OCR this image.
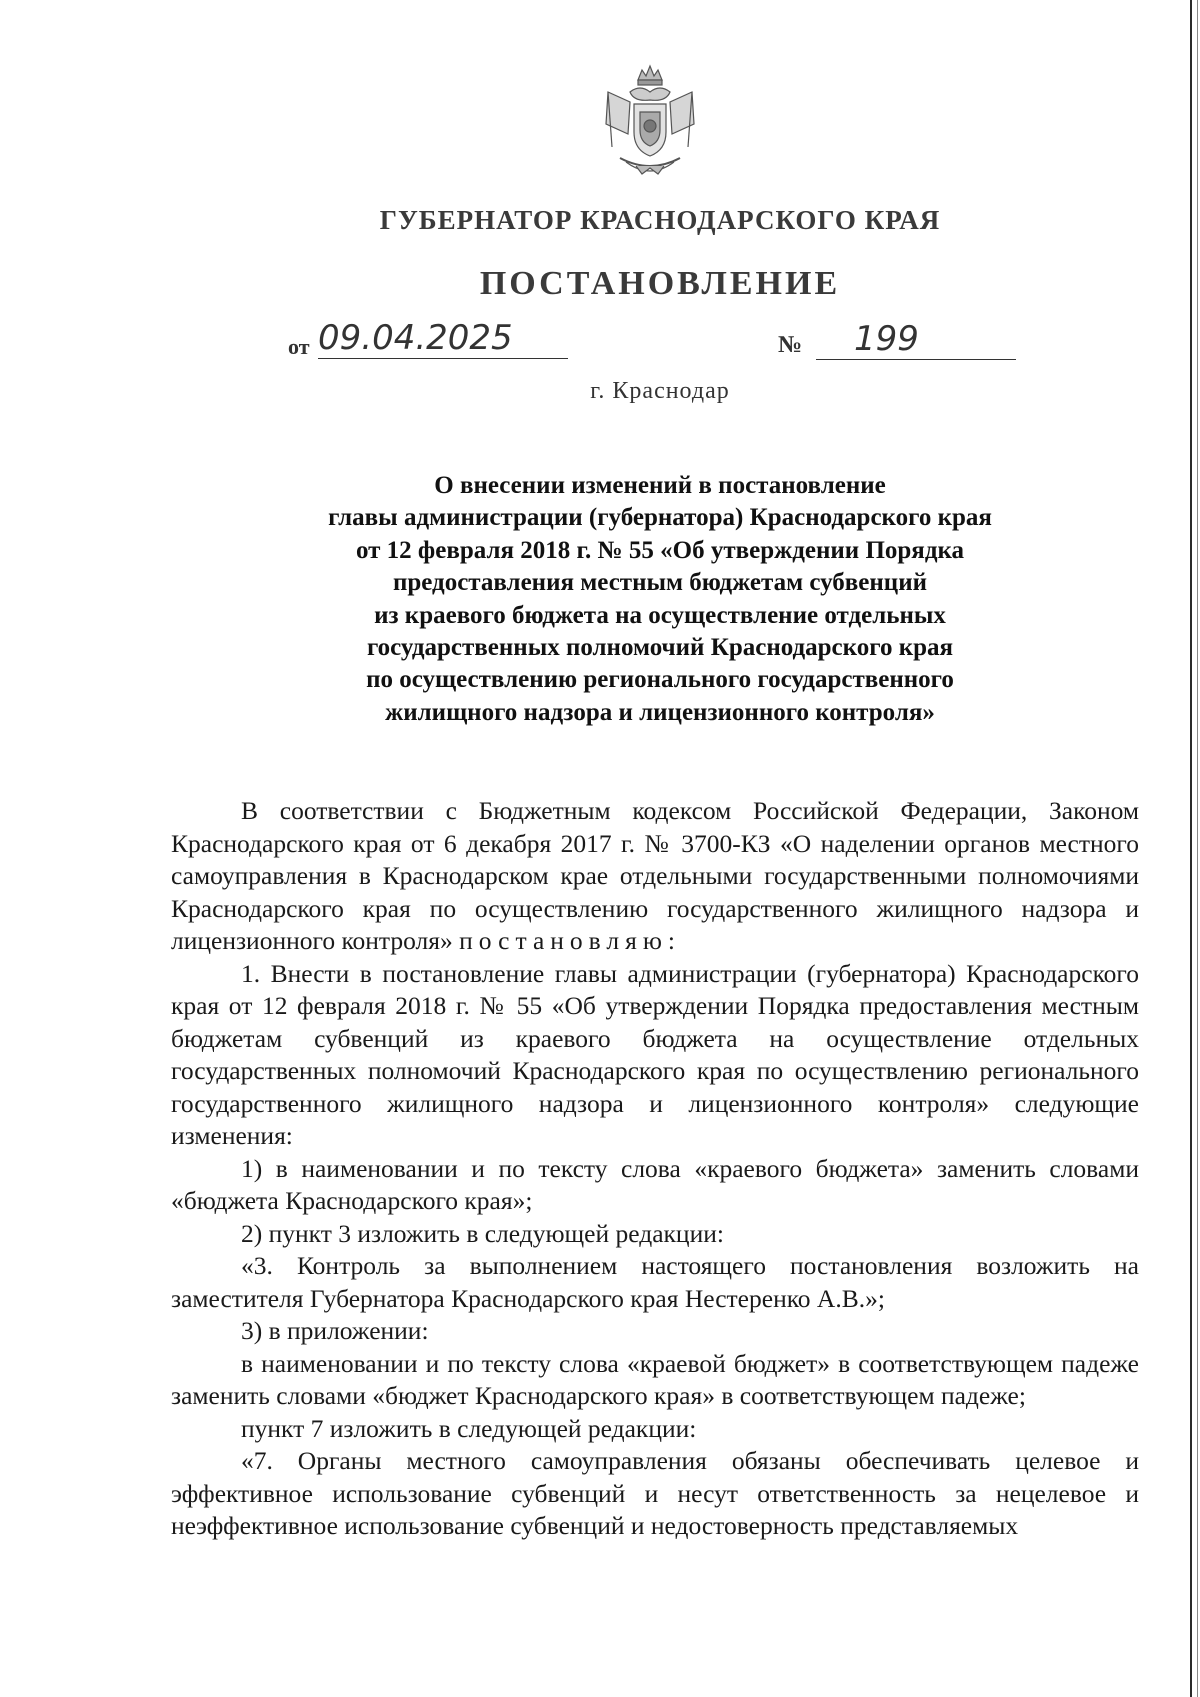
ГУБЕРНАТОР КРАСНОДАРСКОГО КРАЯ
ПОСТАНОВЛЕНИЕ
от 09.04.2025	№	199
г. Краснодар
О внесении изменений в постановление
главы администрации (губернатора) Краснодарского края
от 12 февраля 2018 г. № 55 «Об утверждении Порядка
предоставления местным бюджетам субвенций
из краевого бюджета на осуществление отдельных
государственных полномочий Краснодарского края
по осуществлению регионального государственного
жилищного надзора и лицензионного контроля»

В соответствии с Бюджетным кодексом Российской Федерации, Законом Краснодарского края от 6 декабря 2017 г. № 3700-КЗ «О наделении органов местного самоуправления в Краснодарском крае отдельными государственными полномочиями Краснодарского края по осуществлению государственного жилищного надзора и лицензионного контроля» постановляю:

1. Внести в постановление главы администрации (губернатора) Краснодарского края от 12 февраля 2018 г. № 55 «Об утверждении Порядка предоставления местным бюджетам субвенций из краевого бюджета на осуществление отдельных государственных полномочий Краснодарского края по осуществлению регионального государственного жилищного надзора и лицензионного контроля» следующие изменения:

1) в наименовании и по тексту слова «краевого бюджета» заменить словами «бюджета Краснодарского края»;

2) пункт 3 изложить в следующей редакции:

«3. Контроль за выполнением настоящего постановления возложить на заместителя Губернатора Краснодарского края Нестеренко А.В.»;

3) в приложении:

в наименовании и по тексту слова «краевой бюджет» в соответствующем падеже заменить словами «бюджет Краснодарского края» в соответствующем падеже;

пункт 7 изложить в следующей редакции:

«7. Органы местного самоуправления обязаны обеспечивать целевое и эффективное использование субвенций и несут ответственность за нецелевое и неэффективное использование субвенций и недостоверность представляемых
